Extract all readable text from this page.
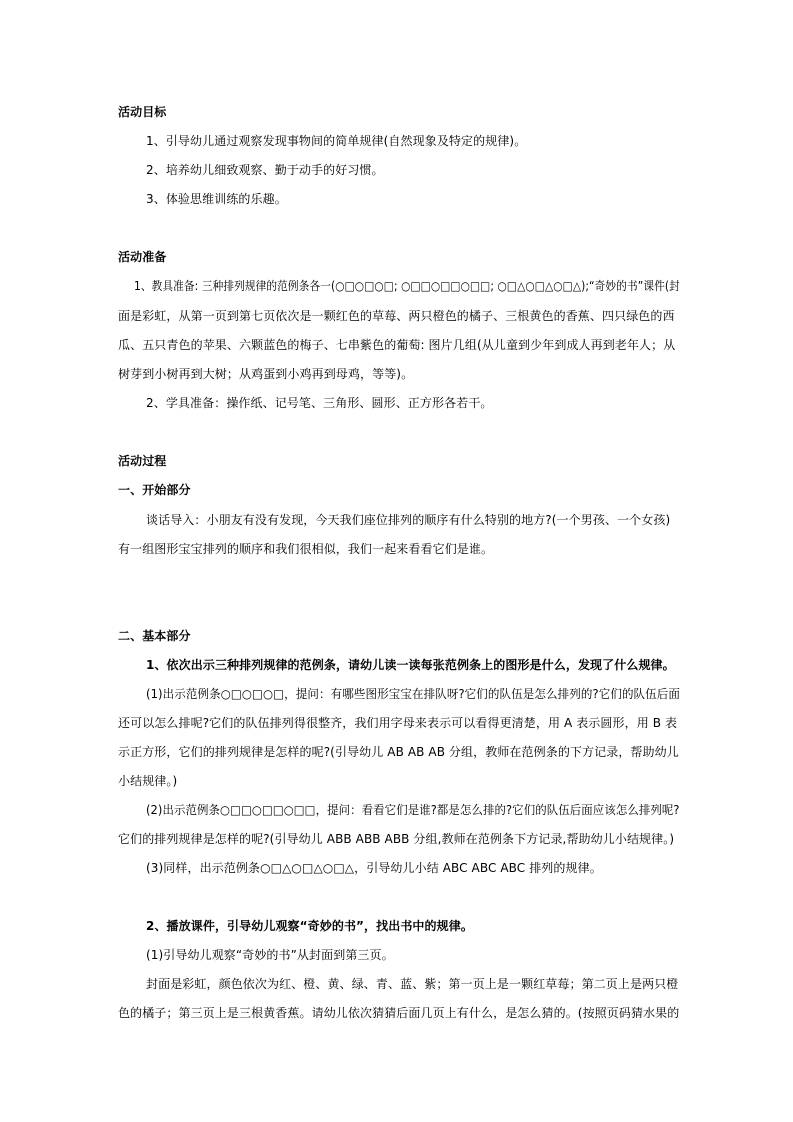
活动目标
1、引导幼儿通过观察发现事物间的简单规律(自然现象及特定的规律)。
2、培养幼儿细致观察、勤于动手的好习惯。
3、体验思维训练的乐趣。
活动准备
1、教具准备: 三种排列规律的范例条各一(○□○□○□; ○□□○□□○□□; ○□△○□△○□△);“奇妙的书”课件(封
面是彩虹，从第一页到第七页依次是一颗红色的草莓、两只橙色的橘子、三根黄色的香蕉、四只绿色的西
瓜、五只青色的苹果、六颗蓝色的梅子、七串紫色的葡萄: 图片几组(从儿童到少年到成人再到老年人；从
树芽到小树再到大树；从鸡蛋到小鸡再到母鸡，等等)。
2、学具准备：操作纸、记号笔、三角形、圆形、正方形各若干。
活动过程
一、开始部分
谈话导入：小朋友有没有发现，今天我们座位排列的顺序有什么特别的地方?(一个男孩、一个女孩)
有一组图形宝宝排列的顺序和我们很相似，我们一起来看看它们是谁。
二、基本部分
1、依次出示三种排列规律的范例条，请幼儿读一读每张范例条上的图形是什么，发现了什么规律。
(1)出示范例条○□○□○□，提问：有哪些图形宝宝在排队呀?它们的队伍是怎么排列的?它们的队伍后面
还可以怎么排呢?它们的队伍排列得很整齐，我们用字母来表示可以看得更清楚，用 A 表示圆形，用 B 表
示正方形，它们的排列规律是怎样的呢?(引导幼儿 AB AB AB 分组，教师在范例条的下方记录，帮助幼儿
小结规律。)
(2)出示范例条○□□○□□○□□，提问：看看它们是谁?都是怎么排的?它们的队伍后面应该怎么排列呢?
它们的排列规律是怎样的呢?(引导幼儿 ABB ABB ABB 分组,教师在范例条下方记录,帮助幼儿小结规律。)
(3)同样，出示范例条○□△○□△○□△，引导幼儿小结 ABC ABC ABC 排列的规律。
2、播放课件，引导幼儿观察“奇妙的书”，找出书中的规律。
(1)引导幼儿观察“奇妙的书”从封面到第三页。
封面是彩虹，颜色依次为红、橙、黄、绿、青、蓝、紫；第一页上是一颗红草莓；第二页上是两只橙
色的橘子；第三页上是三根黄香蕉。请幼儿依次猜猜后面几页上有什么，是怎么猜的。(按照页码猜水果的
